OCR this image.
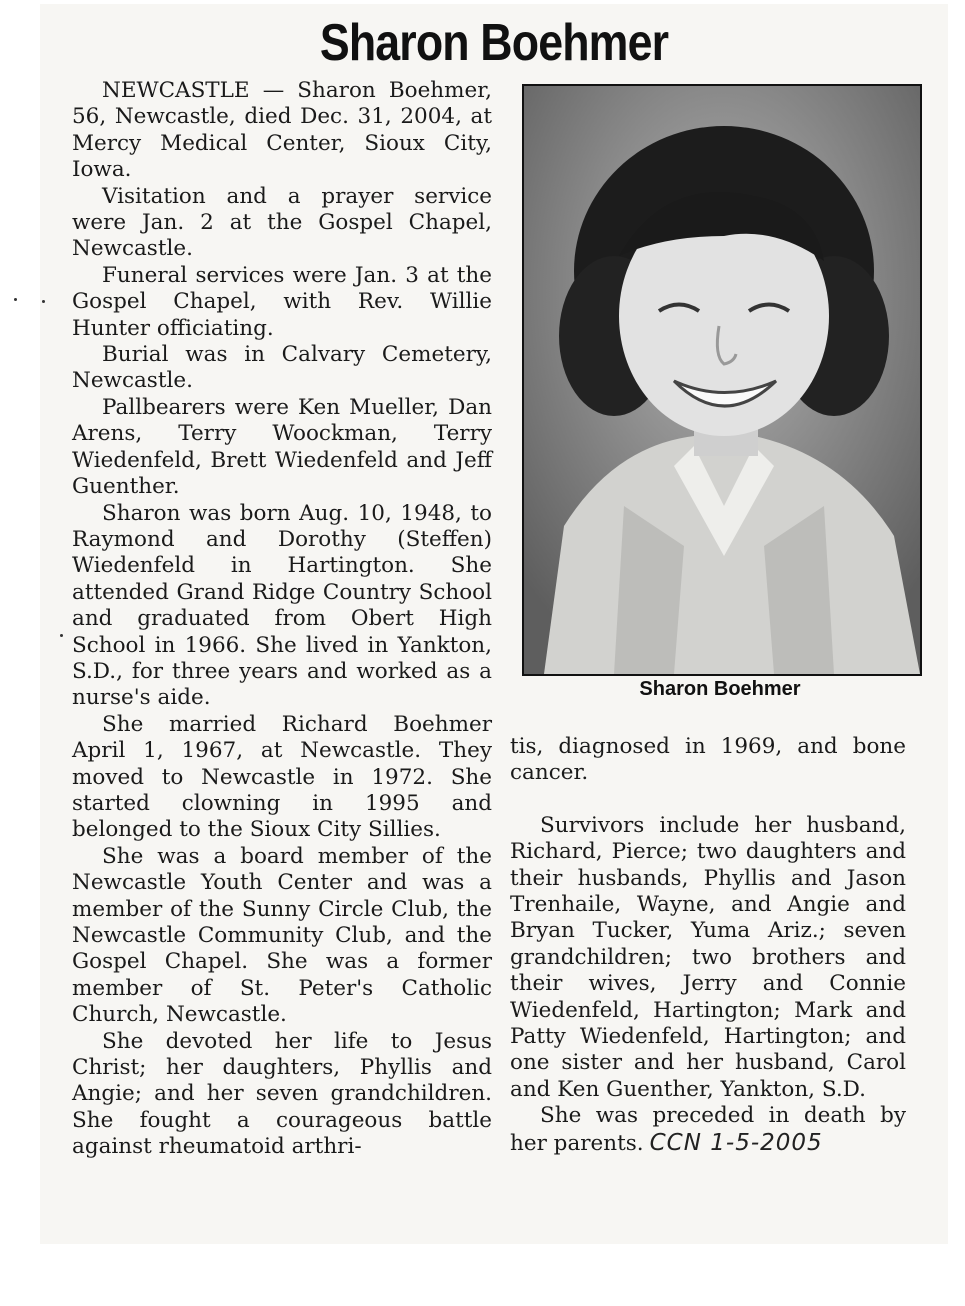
Sharon Boehmer

NEWCASTLE — Sharon Boehmer, 56, Newcastle, died Dec. 31, 2004, at Mercy Medical Center, Sioux City, Iowa.

Visitation and a prayer service were Jan. 2 at the Gospel Chapel, Newcastle.

Funeral services were Jan. 3 at the Gospel Chapel, with Rev. Willie Hunter officiating.

Burial was in Calvary Cemetery, Newcastle.

Pallbearers were Ken Mueller, Dan Arens, Terry Woockman, Terry Wiedenfeld, Brett Wiedenfeld and Jeff Guenther.

Sharon was born Aug. 10, 1948, to Raymond and Dorothy (Steffen) Wiedenfeld in Hartington. She attended Grand Ridge Country School and graduated from Obert High School in 1966. She lived in Yankton, S.D., for three years and worked as a nurse's aide.

She married Richard Boehmer April 1, 1967, at Newcastle. They moved to Newcastle in 1972. She started clowning in 1995 and belonged to the Sioux City Sillies.

She was a board member of the Newcastle Youth Center and was a member of the Sunny Circle Club, the Newcastle Community Club, and the Gospel Chapel. She was a former member of St. Peter's Catholic Church, Newcastle.

She devoted her life to Jesus Christ; her daughters, Phyllis and Angie; and her seven grandchildren. She fought a courageous battle against rheumatoid arthri-

Sharon Boehmer

tis, diagnosed in 1969, and bone cancer.

Survivors include her husband, Richard, Pierce; two daughters and their husbands, Phyllis and Jason Trenhaile, Wayne, and Angie and Bryan Tucker, Yuma Ariz.; seven grandchildren; two brothers and their wives, Jerry and Connie Wiedenfeld, Hartington; Mark and Patty Wiedenfeld, Hartington; and one sister and her husband, Carol and Ken Guenther, Yankton, S.D.

She was preceded in death by her parents. CCN 1-5-2005
